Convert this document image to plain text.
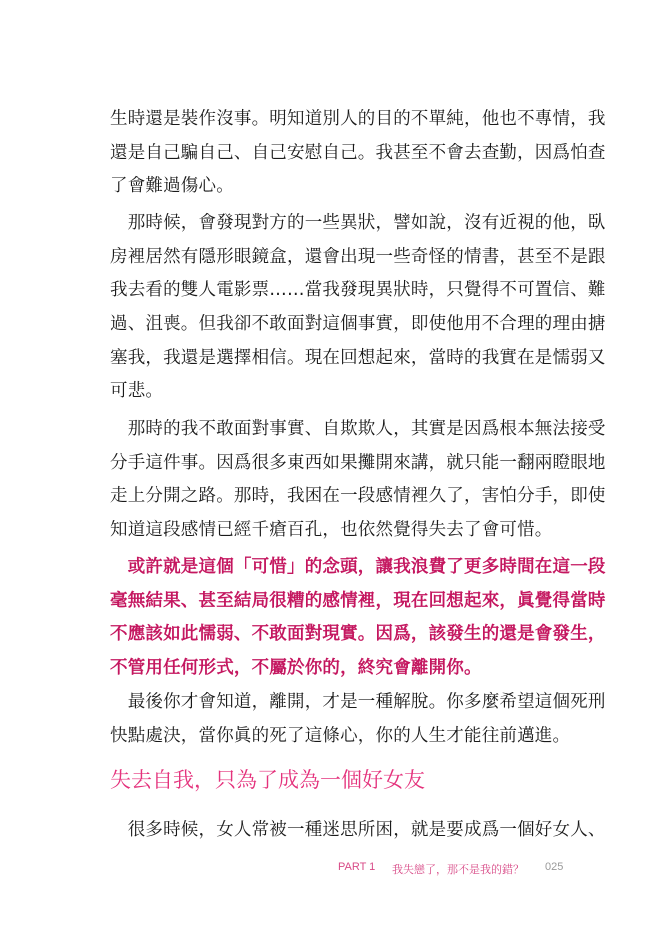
生時還是裝作沒事。明知道別人的目的不單純，他也不專情，我
還是自己騙自己、自己安慰自己。我甚至不會去查勤，因爲怕查
了會難過傷心。
　那時候，會發現對方的一些異狀，譬如說，沒有近視的他，臥
房裡居然有隱形眼鏡盒，還會出現一些奇怪的情書，甚至不是跟
我去看的雙人電影票……當我發現異狀時，只覺得不可置信、難
過、沮喪。但我卻不敢面對這個事實，即使他用不合理的理由搪
塞我，我還是選擇相信。現在回想起來，當時的我實在是懦弱又
可悲。
　那時的我不敢面對事實、自欺欺人，其實是因爲根本無法接受
分手這件事。因爲很多東西如果攤開來講，就只能一翻兩瞪眼地
走上分開之路。那時，我困在一段感情裡久了，害怕分手，即使
知道這段感情已經千瘡百孔，也依然覺得失去了會可惜。
　或許就是這個「可惜」的念頭，讓我浪費了更多時間在這一段
毫無結果、甚至結局很糟的感情裡，現在回想起來，眞覺得當時
不應該如此懦弱、不敢面對現實。因爲，該發生的還是會發生，
不管用任何形式，不屬於你的，終究會離開你。
　最後你才會知道，離開，才是一種解脫。你多麼希望這個死刑
快點處決，當你眞的死了這條心，你的人生才能往前邁進。
失去自我，只為了成為一個好女友
　很多時候，女人常被一種迷思所困，就是要成爲一個好女人、
PART 1 我失戀了，那不是我的錯？ 025
